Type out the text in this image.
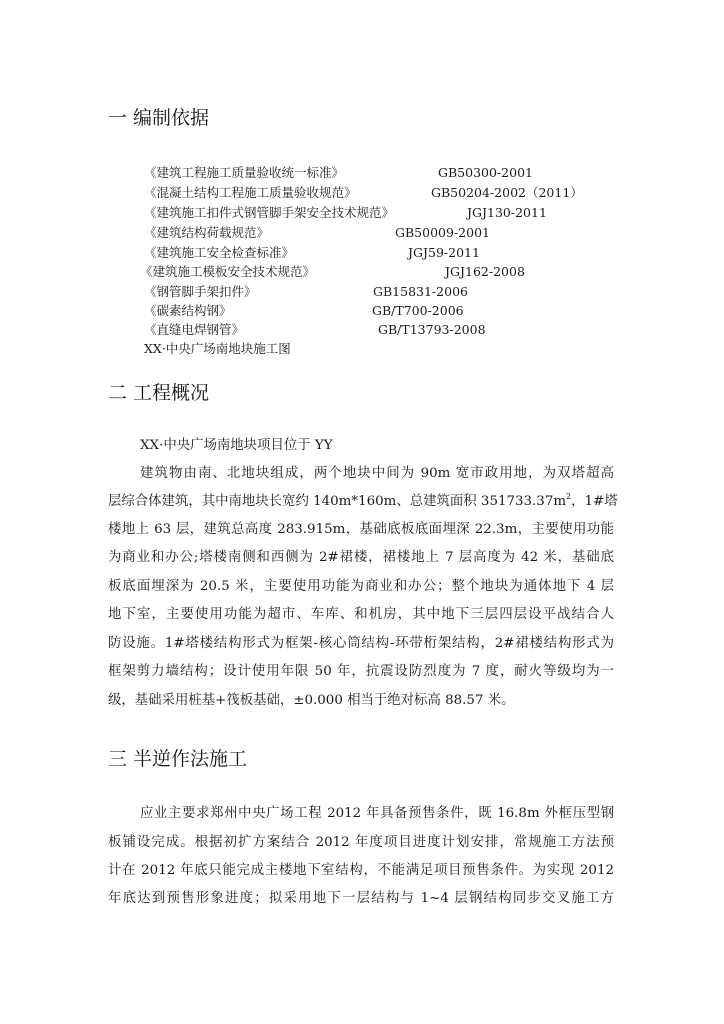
一 编制依据
《建筑工程施工质量验收统一标准》	GB50300-2001
《混凝土结构工程施工质量验收规范》	GB50204-2002（2011）
《建筑施工扣件式钢管脚手架安全技术规范》	JGJ130-2011
《建筑结构荷载规范》	GB50009-2001
《建筑施工安全检查标准》	JGJ59-2011
《建筑施工模板安全技术规范》	JGJ162-2008
《钢管脚手架扣件》	GB15831-2006
《碳素结构钢》	GB/T700-2006
《直缝电焊钢管》	GB/T13793-2008
XX·中央广场南地块施工图
二 工程概况
XX·中央广场南地块项目位于 YY
建筑物由南、北地块组成，两个地块中间为 90m 宽市政用地，为双塔超高
层综合体建筑，其中南地块长宽约 140m*160m、总建筑面积 $351733.37m^2$，1#塔
楼地上 63 层，建筑总高度 283.915m，基础底板底面埋深 22.3m，主要使用功能
为商业和办公;塔楼南侧和西侧为 2#裙楼，裙楼地上 7 层高度为 42 米，基础底
板底面埋深为 20.5 米，主要使用功能为商业和办公；整个地块为通体地下 4 层
地下室，主要使用功能为超市、车库、和机房，其中地下三层四层设平战结合人
防设施。1#塔楼结构形式为框架-核心筒结构-环带桁架结构，2#裙楼结构形式为
框架剪力墙结构；设计使用年限 50 年，抗震设防烈度为 7 度，耐火等级均为一
级，基础采用桩基+筏板基础，±0.000 相当于绝对标高 88.57 米。
三 半逆作法施工
应业主要求郑州中央广场工程 2012 年具备预售条件，既 16.8m 外框压型钢
板铺设完成。根据初扩方案结合 2012 年度项目进度计划安排，常规施工方法预
计在 2012 年底只能完成主楼地下室结构，不能满足项目预售条件。为实现 2012
年底达到预售形象进度；拟采用地下一层结构与 1~4 层钢结构同步交叉施工方
